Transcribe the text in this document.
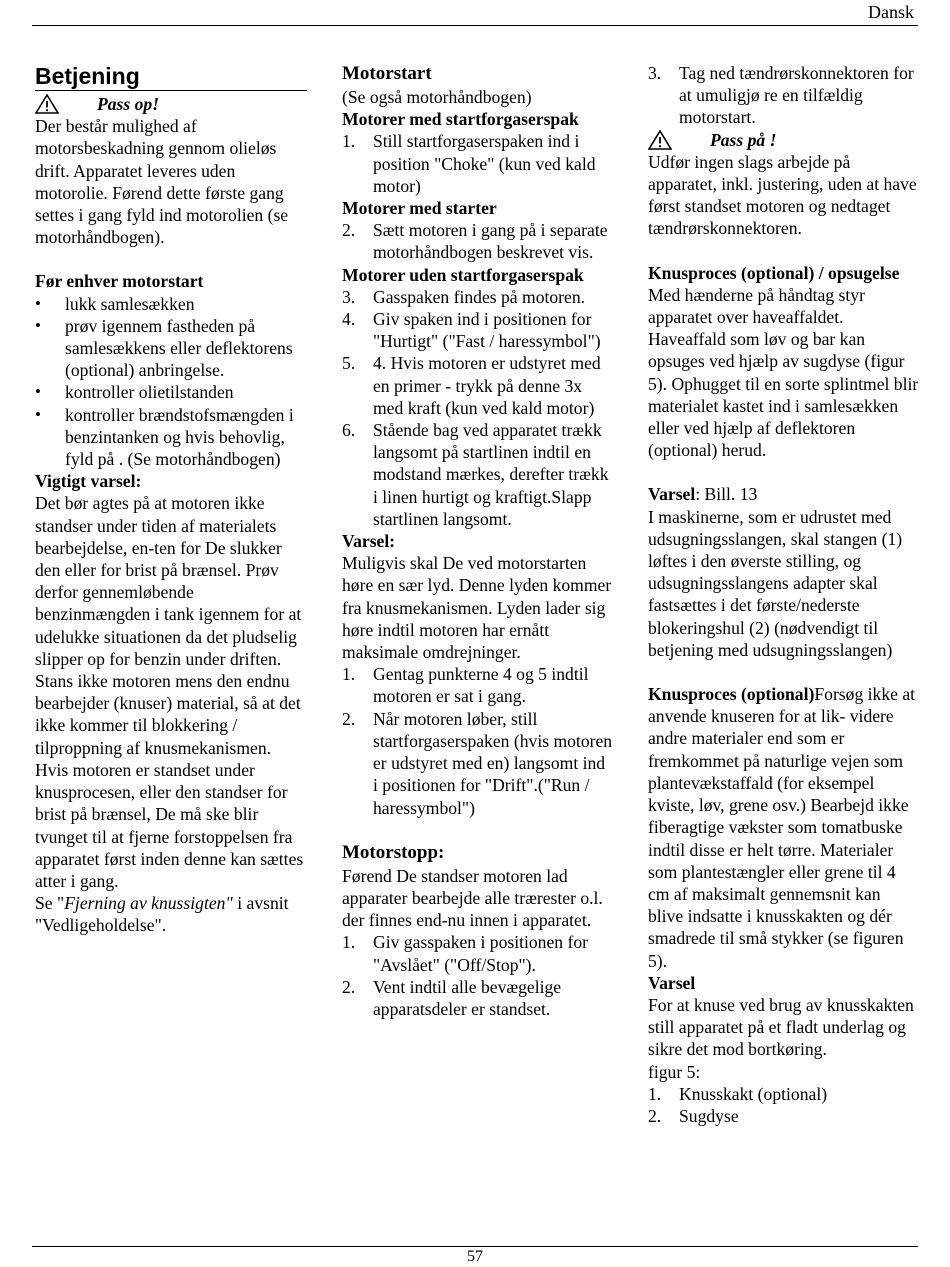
Dansk
Betjening
Pass op!

Der består mulighed af motorsbeskadning gennom olieløs drift. Apparatet leveres uden motorolie. Førend dette første gang settes i gang fyld ind motorolien (se motorhåndbogen).

Før enhver motorstart

• lukk samlesækken
• prøv igennem fastheden på samlesækkens eller deflektorens (optional) anbringelse.
• kontroller olietilstanden
• kontroller brændstofsmængden i benzintanken og hvis behovlig, fyld på . (Se motorhåndbogen)

Vigtigt varsel:

Det bør agtes på at motoren ikke standser under tiden af materialets bearbejdelse, en-ten for De slukker den eller for brist på brænsel. Prøv derfor gennemløbende benzinmængden i tank igennem for at udelukke situationen da det pludselig slipper op for benzin under driften. Stans ikke motoren mens den endnu bearbejder (knuser) material, så at det ikke kommer til blokkering / tilproppning af knusmekanismen.

Hvis motoren er standset under knusprocesen, eller den standser for brist på brænsel, De må ske blir tvunget til at fjerne forstoppelsen fra apparatet først inden denne kan sættes atter i gang.

Se "Fjerning av knussigten" i avsnit "Vedligeholdelse".

Motorstart

(Se også motorhåndbogen)

Motorer med startforgaserspak

1. Still startforgaserspaken ind i position "Choke" (kun ved kald motor)

Motorer med starter

2. Sætt motoren i gang på i separate motorhåndbogen beskrevet vis.

Motorer uden startforgaserspak

3. Gasspaken findes på motoren.
4. Giv spaken ind i positionen for "Hurtigt" ("Fast / haressymbol")
5. 4. Hvis motoren er udstyret med en primer - trykk på denne 3x med kraft (kun ved kald motor)
6. Stående bag ved apparatet trækk langsomt på startlinen indtil en modstand mærkes, derefter trækk i linen hurtigt og kraftigt.Slapp startlinen langsomt.

Varsel:

Muligvis skal De ved motorstarten høre en sær lyd. Denne lyden kommer fra knusmekanismen. Lyden lader sig høre indtil motoren har ernått maksimale omdrejninger.

1. Gentag punkterne 4 og 5 indtil motoren er sat i gang.
2. Når motoren løber, still startforgaserspaken (hvis motoren er udstyret med en) langsomt ind i positionen for "Drift".("Run / haressymbol")

Motorstopp:

Førend De standser motoren lad apparater bearbejde alle trærester o.l. der finnes end-nu innen i apparatet.

1. Giv gasspaken i positionen for "Avslået" ("Off/Stop").
2. Vent indtil alle bevægelige apparatsdeler er standset.
3. Tag ned tændrørskonnektoren for at umuligjø re en tilfældig motorstart.
Pass på !

Udfør ingen slags arbejde på apparatet, inkl. justering, uden at have først standset motoren og nedtaget tændrørskonnektoren.

Knusproces (optional) / opsugelse

Med hænderne på håndtag styr apparatet over haveaffaldet. Haveaffald som løv og bar kan opsuges ved hjælp av sugdyse (figur 5). Ophugget til en sorte splintmel blir materialet kastet ind i samlesækken eller ved hjælp af deflektoren (optional) herud.

Varsel: Bill. 13

I maskinerne, som er udrustet med udsugningsslangen, skal stangen (1) løftes i den øverste stilling, og udsugningsslangens adapter skal fastsættes i det første/nederste blokeringshul (2) (nødvendigt til betjening med udsugningsslangen)

Knusproces (optional)Forsøg ikke at anvende knuseren for at lik- videre andre materialer end som er fremkommet på naturlige vejen som plantevækstaffald (for eksempel kviste, løv, grene osv.) Bearbejd ikke fiberagtige vækster som tomatbuske indtil disse er helt tørre. Materialer som plantestængler eller grene til 4 cm af maksimalt gennemsnit kan blive indsatte i knusskakten og dér smadrede til små stykker (se figuren 5).

Varsel

For at knuse ved brug av knusskakten still apparatet på et fladt underlag og sikre det mod bortkøring.

figur 5:

1. Knusskakt (optional)
2. Sugdyse
57
